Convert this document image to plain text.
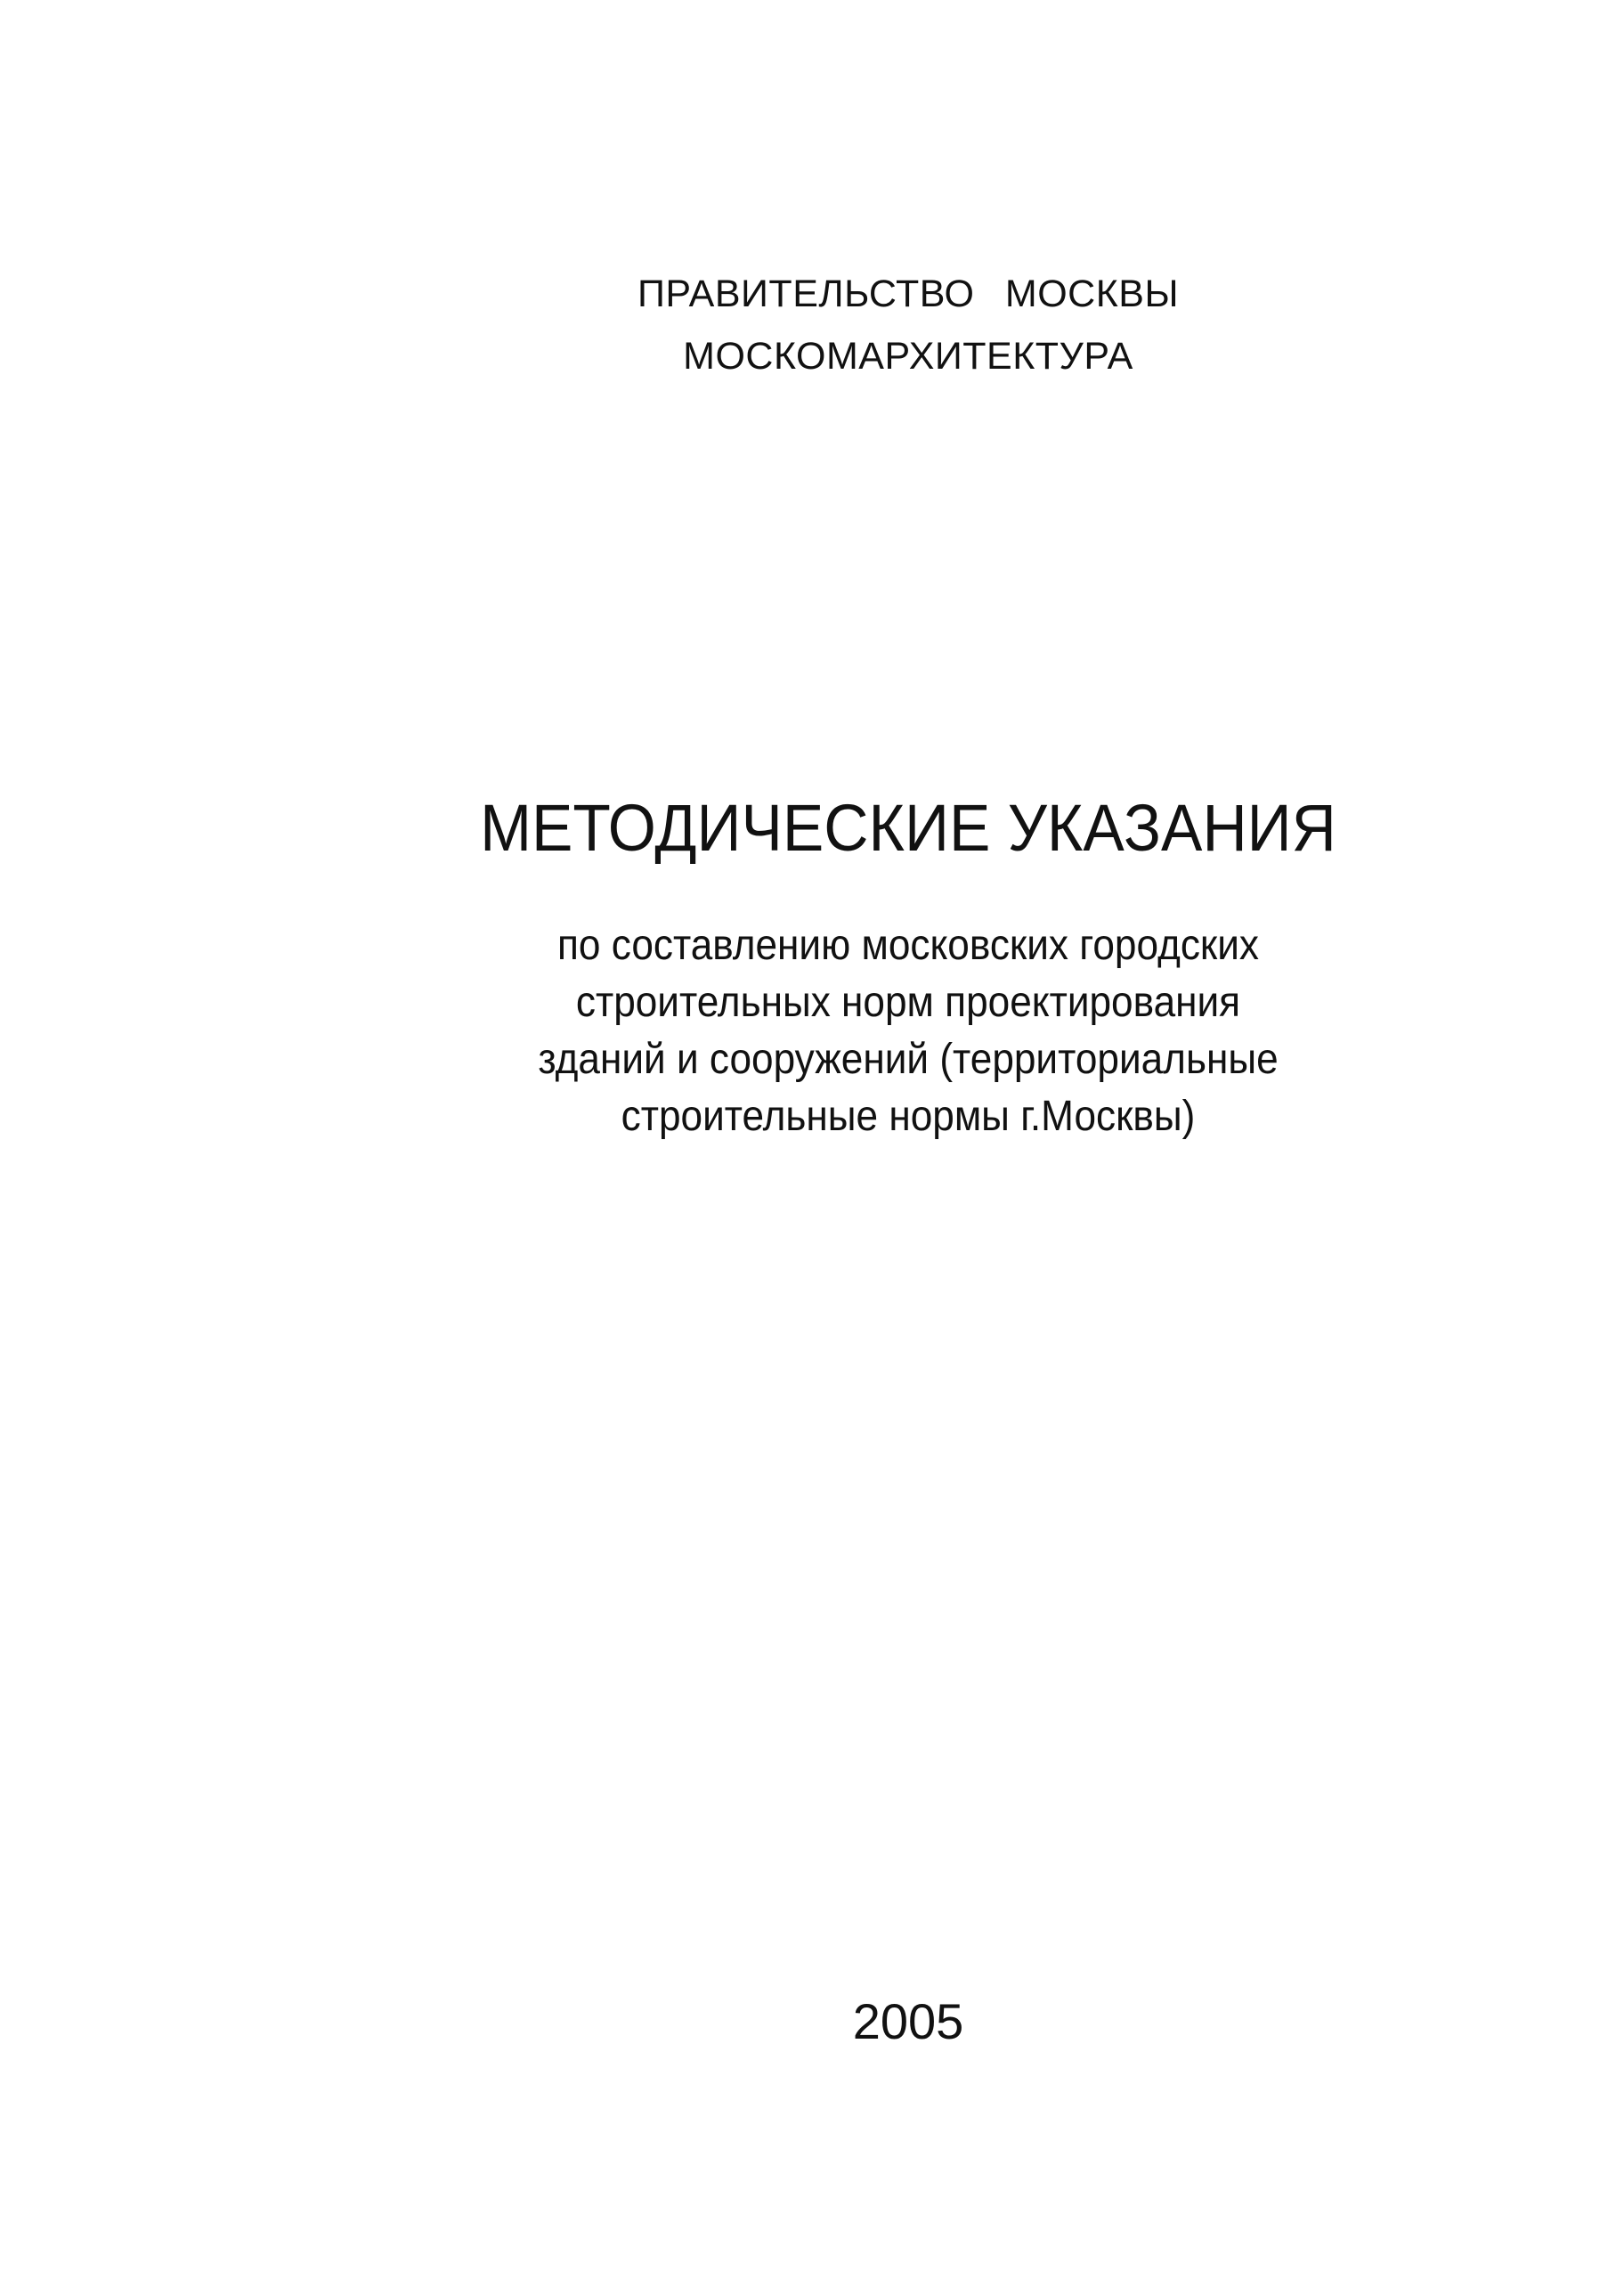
ПРАВИТЕЛЬСТВО МОСКВЫ
МОСКОМАРХИТЕКТУРА
МЕТОДИЧЕСКИЕ УКАЗАНИЯ
по составлению московских городских
строительных норм проектирования
зданий и сооружений (территориальные
строительные нормы г.Москвы)
2005
